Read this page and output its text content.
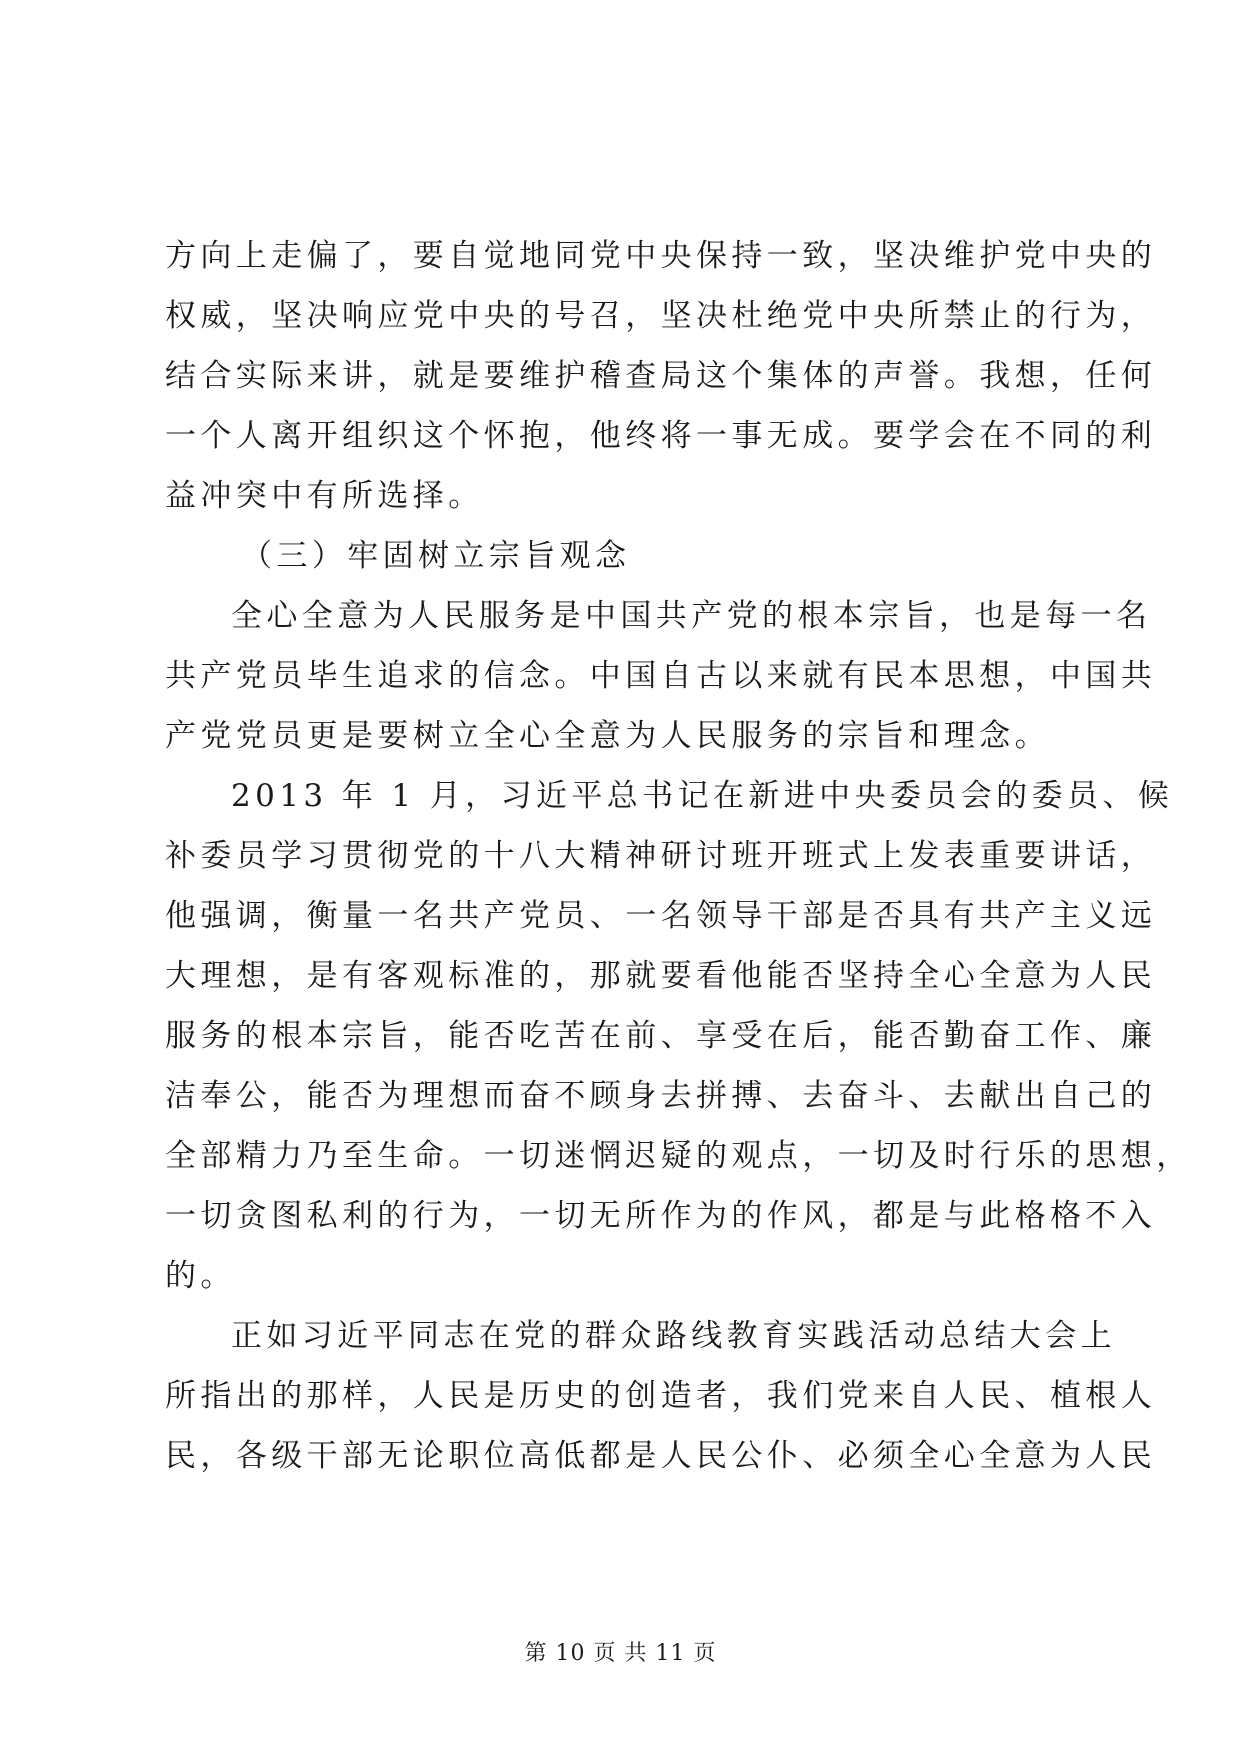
方向上走偏了，要自觉地同党中央保持一致，坚决维护党中央的
权威，坚决响应党中央的号召，坚决杜绝党中央所禁止的行为，
结合实际来讲，就是要维护稽查局这个集体的声誉。我想，任何
一个人离开组织这个怀抱，他终将一事无成。要学会在不同的利
益冲突中有所选择。
（三）牢固树立宗旨观念
全心全意为人民服务是中国共产党的根本宗旨，也是每一名
共产党员毕生追求的信念。中国自古以来就有民本思想，中国共
产党党员更是要树立全心全意为人民服务的宗旨和理念。
2013 年 1 月，习近平总书记在新进中央委员会的委员、候
补委员学习贯彻党的十八大精神研讨班开班式上发表重要讲话，
他强调，衡量一名共产党员、一名领导干部是否具有共产主义远
大理想，是有客观标准的，那就要看他能否坚持全心全意为人民
服务的根本宗旨，能否吃苦在前、享受在后，能否勤奋工作、廉
洁奉公，能否为理想而奋不顾身去拼搏、去奋斗、去献出自己的
全部精力乃至生命。一切迷惘迟疑的观点，一切及时行乐的思想，
一切贪图私利的行为，一切无所作为的作风，都是与此格格不入
的。
正如习近平同志在党的群众路线教育实践活动总结大会上
所指出的那样，人民是历史的创造者，我们党来自人民、植根人
民，各级干部无论职位高低都是人民公仆、必须全心全意为人民
第 10 页 共 11 页
